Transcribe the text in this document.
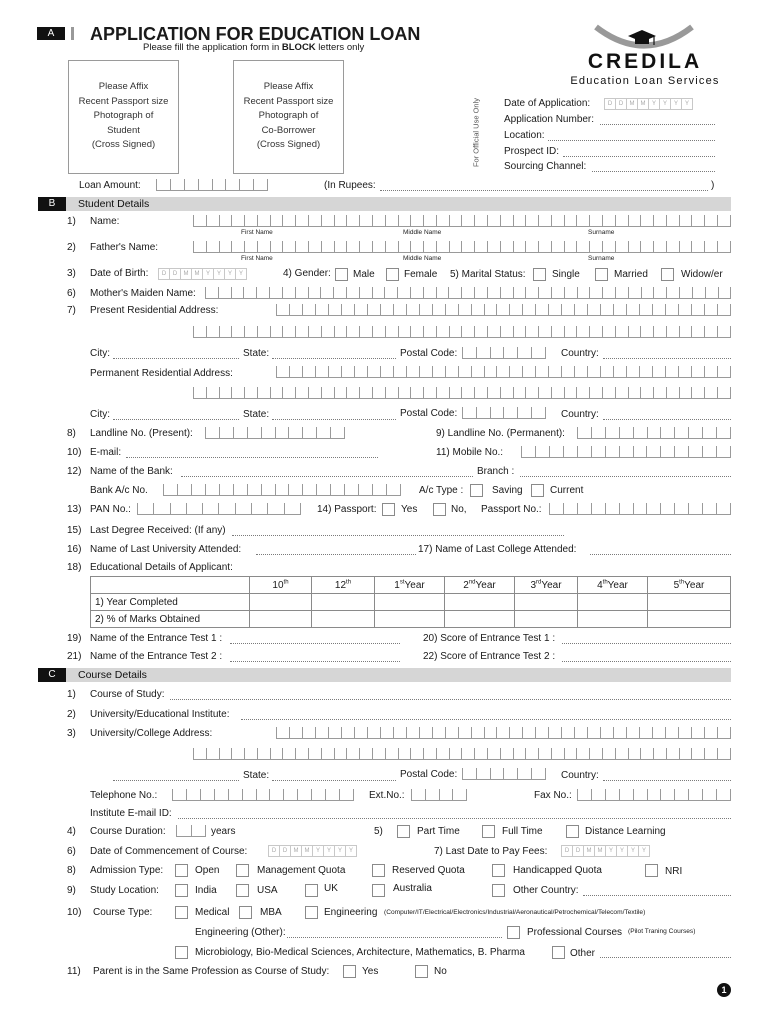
A	APPLICATION FOR EDUCATION LOAN
Please fill the application form in BLOCK letters only
CREDILA
Education Loan Services
Please Affix
Recent Passport size
Photograph of
Student
(Cross Signed)
Please Affix
Recent Passport size
Photograph of
Co-Borrower
(Cross Signed)	For Official Use Only Date of Application:	D	D	M	M	Y	Y	Y	Y
Application Number:
Location:
Prospect ID:
Sourcing Channel:
Loan Amount:	(In Rupees:	)
B	Student Details
1) Name:
First Name	Middle Name	Surname
2) Father's Name:
First Name	Middle Name	Surname
3) Date of Birth:	D	D	M	M	Y	Y	Y	Y	4) Gender: Male	Female 5) Marital Status:	Single	Married	Widow/er
6) Mother's Maiden Name:
7) Present Residential Address:
City:	State:	Postal Code:	Country:
Permanent Residential Address:
City:	State:	Postal Code:	Country:
8) Landline No. (Present):	9) Landline No. (Permanent):
10) E-mail:	11) Mobile No.:
12) Name of the Bank:	Branch :
Bank A/c No.	A/c Type :	Saving	Current
13) PAN No.:	14) Passport: Yes	No, Passport No.:
15) Last Degree Received: (If any)
16) Name of Last University Attended:	17) Name of Last College Attended:
18) Educational Details of Applicant:
	10th	12th	1stYear	2ndYear	3rdYear	4thYear	5thYear
1) Year Completed							
2) % of Marks Obtained							
19) Name of the Entrance Test 1 :	20) Score of Entrance Test 1 :
21) Name of the Entrance Test 2 :	22) Score of Entrance Test 2 :
C	Course Details
1) Course of Study:
2) University/Educational Institute:
3) University/College Address:
State:	Postal Code:	Country:
Telephone No.:	Ext.No.:	Fax No.:
Institute E-mail ID:
4) Course Duration:	years	5)	Part Time	Full Time	Distance Learning
6) Date of Commencement of Course:	D	D	M	M	Y	Y	Y	Y	7) Last Date to Pay Fees:	D	D	M	M	Y	Y	Y	Y
8) Admission Type:	Open	Management Quota	Reserved Quota	Handicapped Quota	NRI
9) Study Location:	India	USA	UK	Australia	Other Country:
10) Course Type:	Medical	MBA	Engineering (Computer/IT/Electrical/Electronics/Industrial/Aeronautical/Petrochemical/Telecom/Textile)
Engineering (Other):	Professional Courses (Pilot Traning Courses)
Microbiology, Bio-Medical Sciences, Architecture, Mathematics, B. Pharma	Other
11) Parent is in the Same Profession as Course of Study:	Yes	No
1
